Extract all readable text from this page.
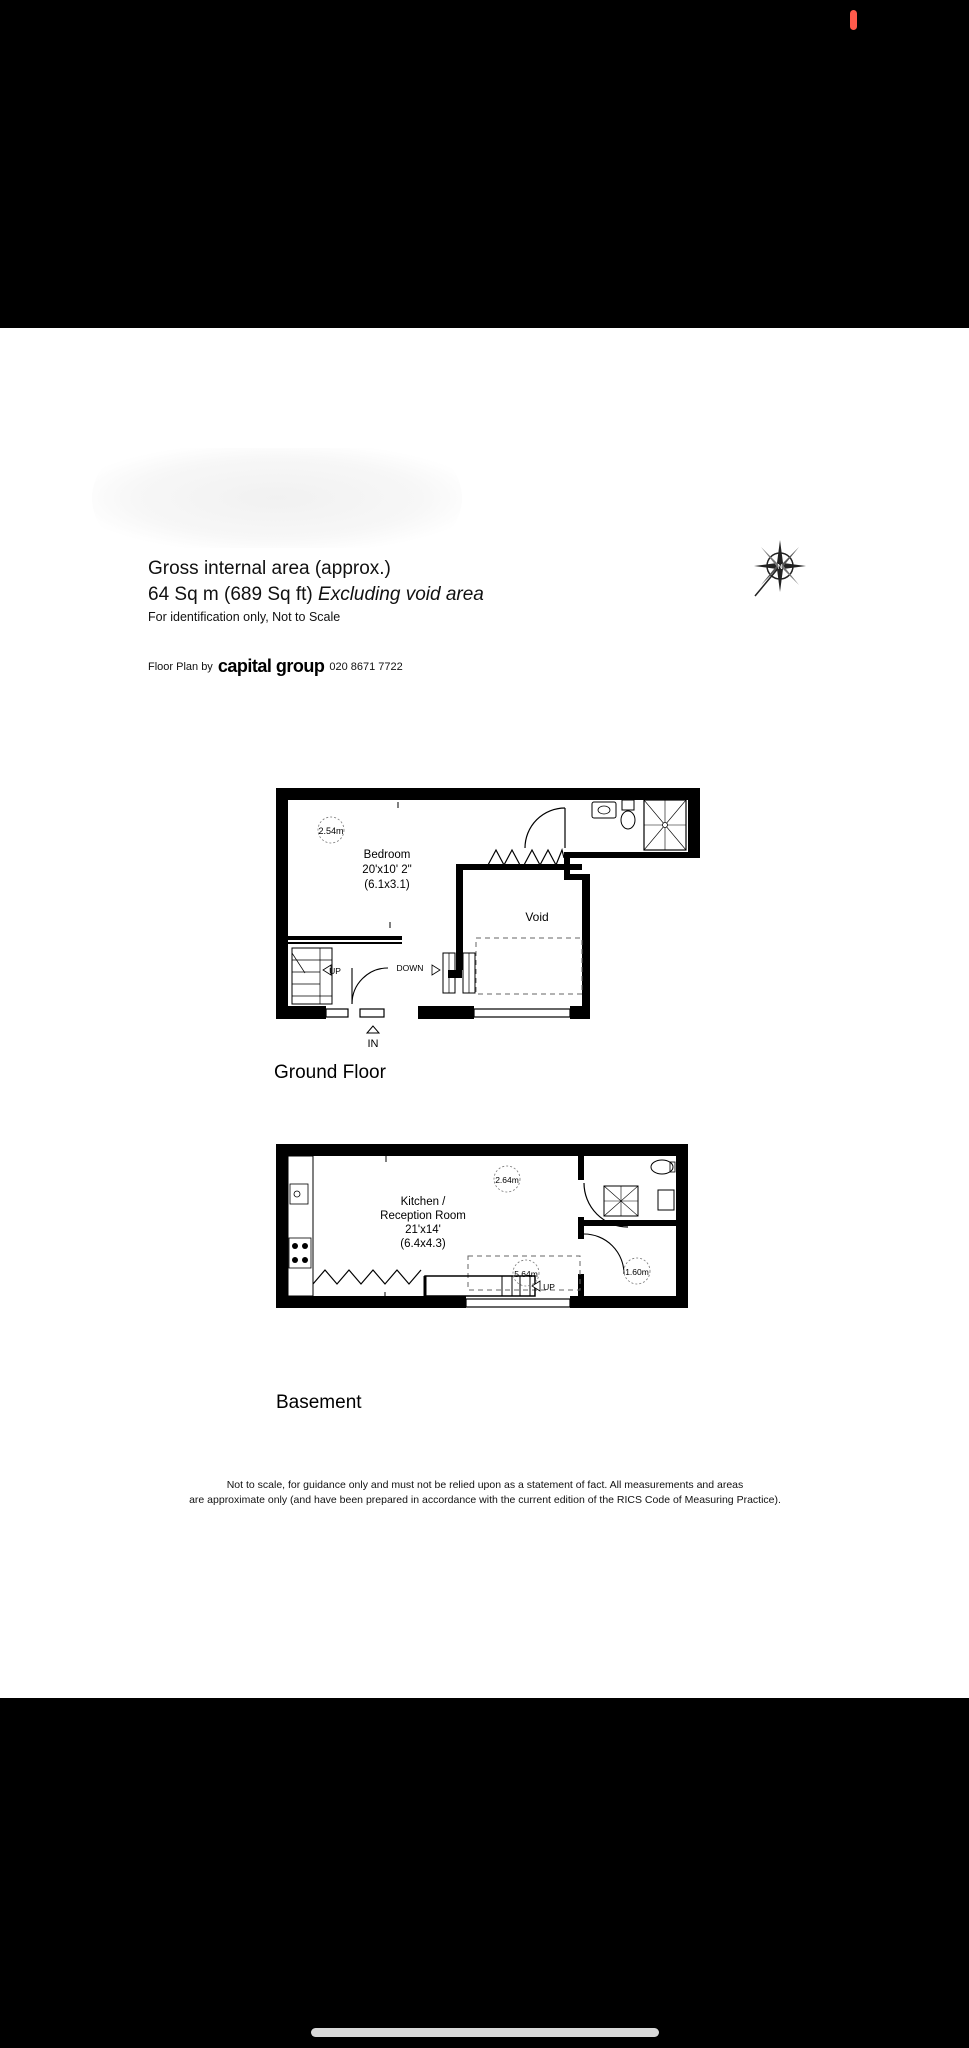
Gross internal area (approx.)
64 Sq m (689 Sq ft) Excluding void area
For identification only, Not to Scale
Floor Plan by capital group 020 8671 7722
N
2.54m
Bedroom
20'x10' 2"
(6.1x3.1)
Void
UP	DOWN
IN
Ground Floor
2.64m
Kitchen /
Reception Room
21'x14'
(6.4x4.3)
5.64m	1.60m
UP
Basement
Not to scale, for guidance only and must not be relied upon as a statement of fact. All measurements and areas
are approximate only (and have been prepared in accordance with the current edition of the RICS Code of Measuring Practice).
